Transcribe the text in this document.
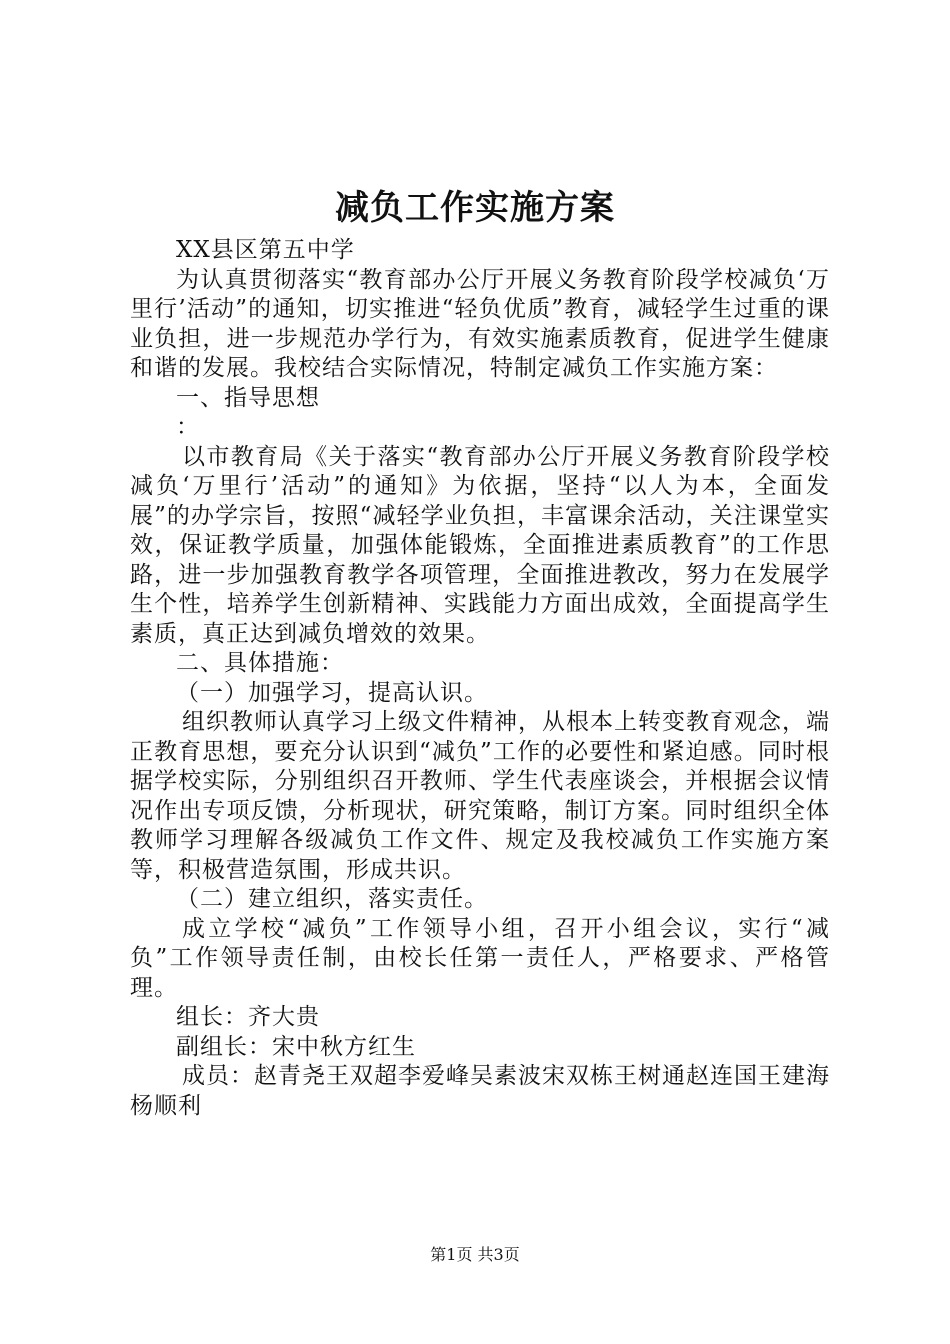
减负工作实施方案

XX县区第五中学

为认真贯彻落实“教育部办公厅开展义务教育阶段学校减负‘万里行’活动”的通知，切实推进“轻负优质”教育，减轻学生过重的课业负担，进一步规范办学行为，有效实施素质教育，促进学生健康和谐的发展。我校结合实际情况，特制定减负工作实施方案：

一、指导思想

：

以市教育局《关于落实“教育部办公厅开展义务教育阶段学校减负‘万里行’活动”的通知》为依据，坚持“以人为本，全面发展”的办学宗旨，按照“减轻学业负担，丰富课余活动，关注课堂实效，保证教学质量，加强体能锻炼，全面推进素质教育”的工作思路，进一步加强教育教学各项管理，全面推进教改，努力在发展学生个性，培养学生创新精神、实践能力方面出成效，全面提高学生素质，真正达到减负增效的效果。

二、具体措施：

（一）加强学习，提高认识。

组织教师认真学习上级文件精神，从根本上转变教育观念，端正教育思想，要充分认识到“减负”工作的必要性和紧迫感。同时根据学校实际，分别组织召开教师、学生代表座谈会，并根据会议情况作出专项反馈，分析现状，研究策略，制订方案。同时组织全体教师学习理解各级减负工作文件、规定及我校减负工作实施方案等，积极营造氛围，形成共识。

（二）建立组织，落实责任。

成立学校“减负”工作领导小组，召开小组会议，实行“减负”工作领导责任制，由校长任第一责任人，严格要求、严格管理。

组长：齐大贵

副组长：宋中秋方红生

成员：赵青尧王双超李爱峰吴素波宋双栋王树通赵连国王建海杨顺利

第1页 共3页
